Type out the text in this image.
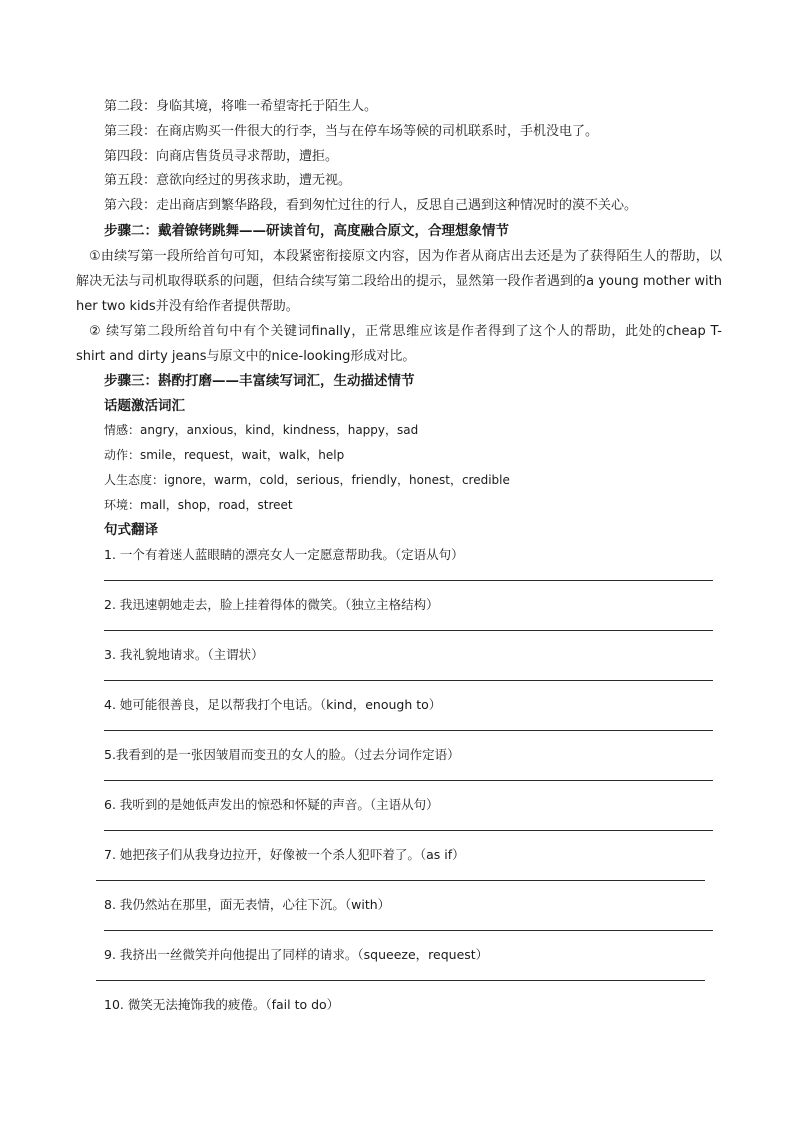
第二段：身临其境，将唯一希望寄托于陌生人。
第三段：在商店购买一件很大的行李，当与在停车场等候的司机联系时，手机没电了。
第四段：向商店售货员寻求帮助，遭拒。
第五段：意欲向经过的男孩求助，遭无视。
第六段：走出商店到繁华路段，看到匆忙过往的行人，反思自己遇到这种情况时的漠不关心。
步骤二：戴着镣铐跳舞——研读首句，高度融合原文，合理想象情节
①由续写第一段所给首句可知，本段紧密衔接原文内容，因为作者从商店出去还是为了获得陌生人的帮助，以解决无法与司机取得联系的问题，但结合续写第二段给出的提示，显然第一段作者遇到的a young mother with her two kids并没有给作者提供帮助。
② 续写第二段所给首句中有个关键词finally，正常思维应该是作者得到了这个人的帮助，此处的cheap T-shirt and dirty jeans与原文中的nice-looking形成对比。
步骤三：斟酌打磨——丰富续写词汇，生动描述情节
话题激活词汇
情感：angry，anxious，kind，kindness，happy，sad
动作：smile，request，wait，walk，help
人生态度：ignore，warm，cold，serious，friendly，honest，credible
环境：mall，shop，road，street
句式翻译
1. 一个有着迷人蓝眼睛的漂亮女人一定愿意帮助我。（定语从句）
2. 我迅速朝她走去，脸上挂着得体的微笑。（独立主格结构）
3. 我礼貌地请求。（主谓状）
4. 她可能很善良，足以帮我打个电话。（kind，enough to）
5.我看到的是一张因皱眉而变丑的女人的脸。（过去分词作定语）
6. 我听到的是她低声发出的惊恐和怀疑的声音。（主语从句）
7. 她把孩子们从我身边拉开，好像被一个杀人犯吓着了。（as if）
8. 我仍然站在那里，面无表情，心往下沉。（with）
9. 我挤出一丝微笑并向他提出了同样的请求。（squeeze，request）
10. 微笑无法掩饰我的疲倦。（fail to do）
